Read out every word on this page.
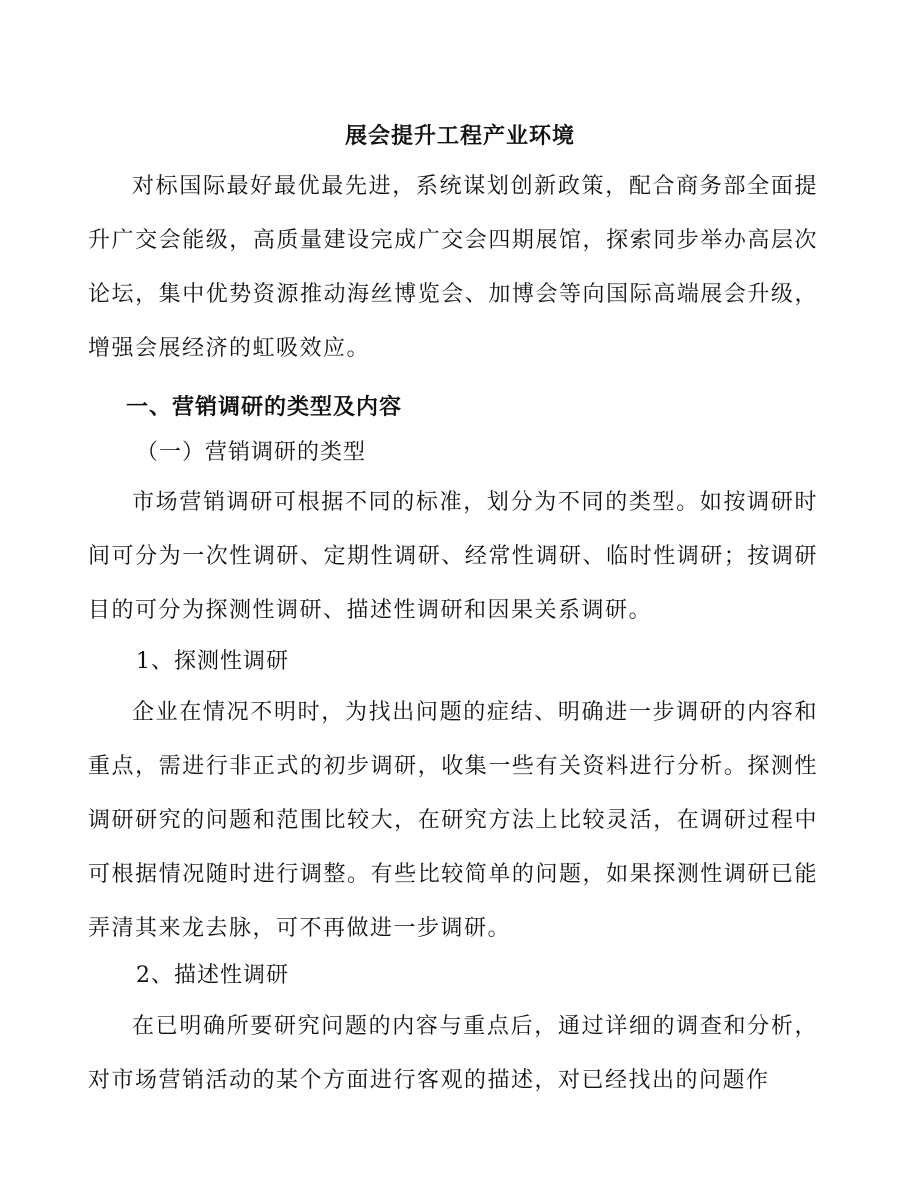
展会提升工程产业环境

对标国际最好最优最先进，系统谋划创新政策，配合商务部全面提升广交会能级，高质量建设完成广交会四期展馆，探索同步举办高层次论坛，集中优势资源推动海丝博览会、加博会等向国际高端展会升级，增强会展经济的虹吸效应。

一、营销调研的类型及内容
（一）营销调研的类型

市场营销调研可根据不同的标准，划分为不同的类型。如按调研时间可分为一次性调研、定期性调研、经常性调研、临时性调研；按调研目的可分为探测性调研、描述性调研和因果关系调研。

1、探测性调研

企业在情况不明时，为找出问题的症结、明确进一步调研的内容和重点，需进行非正式的初步调研，收集一些有关资料进行分析。探测性调研研究的问题和范围比较大，在研究方法上比较灵活，在调研过程中可根据情况随时进行调整。有些比较简单的问题，如果探测性调研已能弄清其来龙去脉，可不再做进一步调研。

2、描述性调研

在已明确所要研究问题的内容与重点后，通过详细的调查和分析，对市场营销活动的某个方面进行客观的描述，对已经找出的问题作
